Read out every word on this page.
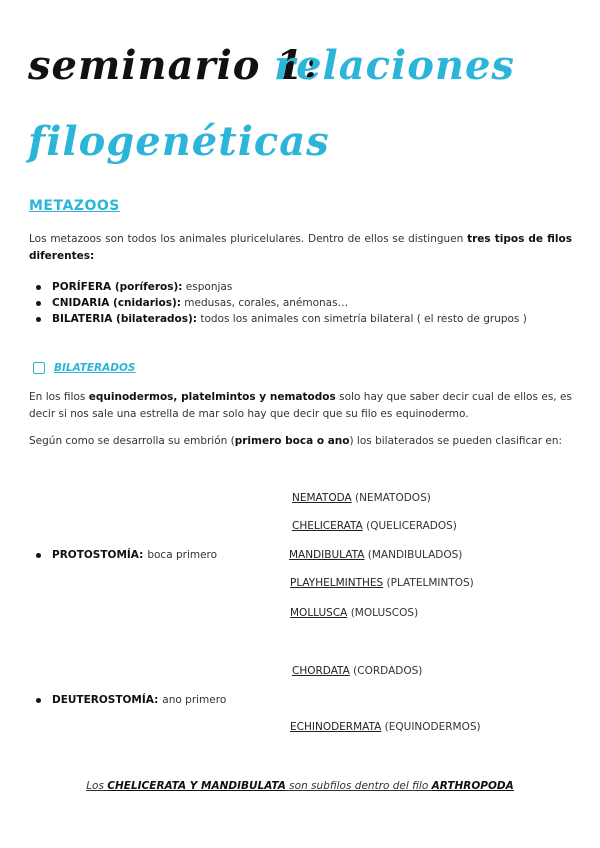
seminario 1:
relaciones
filogenéticas
METAZOOS
Los metazoos son todos los animales pluricelulares. Dentro de ellos se distinguen tres tipos de filos diferentes:
PORÍFERA (poríferos): esponjas
CNIDARIA (cnidarios): medusas, corales, anémonas…
BILATERIA (bilaterados): todos los animales con simetría bilateral ( el resto de grupos )
BILATERADOS
En los filos equinodermos, platelmintos y nematodos solo hay que saber decir cual de ellos es, es decir si nos sale una estrella de mar solo hay que decir que su filo es equinodermo.
Según como se desarrolla su embrión (primero boca o ano) los bilaterados se pueden clasificar en:
PROTOSTOMÍA: boca primero
NEMATODA (NEMATODOS)
CHELICERATA (QUELICERADOS)
MANDIBULATA (MANDIBULADOS)
PLAYHELMINTHES (PLATELMINTOS)
MOLLUSCA (MOLUSCOS)
DEUTEROSTOMÍA: ano primero
CHORDATA (CORDADOS)
ECHINODERMATA (EQUINODERMOS)
Los CHELICERATA Y MANDIBULATA son subfilos dentro del filo ARTHROPODA
